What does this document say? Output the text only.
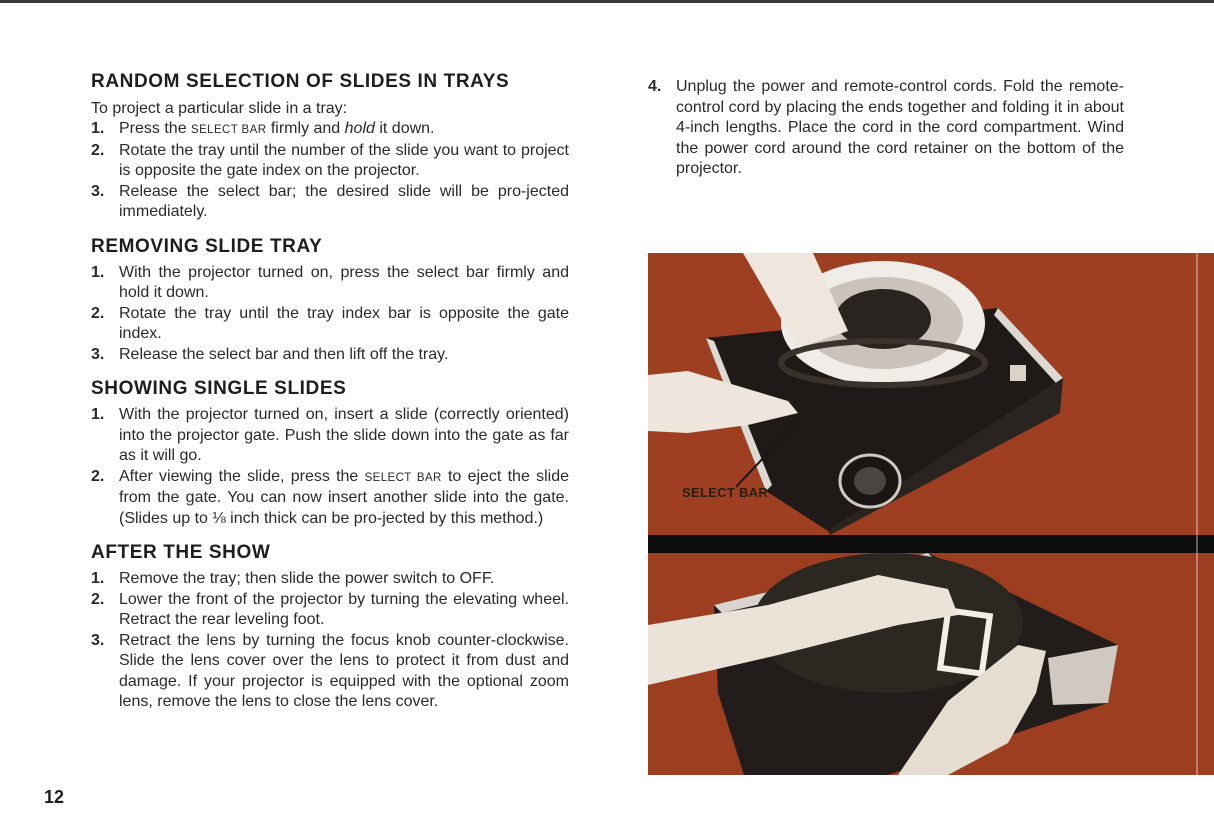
RANDOM SELECTION OF SLIDES IN TRAYS

To project a particular slide in a tray:

1. Press the SELECT BAR firmly and hold it down.
2. Rotate the tray until the number of the slide you want to project is opposite the gate index on the projector.
3. Release the select bar; the desired slide will be pro-jected immediately.
REMOVING SLIDE TRAY
1. With the projector turned on, press the select bar firmly and hold it down.
2. Rotate the tray until the tray index bar is opposite the gate index.
3. Release the select bar and then lift off the tray.
SHOWING SINGLE SLIDES
1. With the projector turned on, insert a slide (correctly oriented) into the projector gate. Push the slide down into the gate as far as it will go.
2. After viewing the slide, press the SELECT BAR to eject the slide from the gate. You can now insert another slide into the gate. (Slides up to ⅛ inch thick can be pro-jected by this method.)
AFTER THE SHOW
1. Remove the tray; then slide the power switch to OFF.
2. Lower the front of the projector by turning the elevating wheel. Retract the rear leveling foot.
3. Retract the lens by turning the focus knob counter-clockwise. Slide the lens cover over the lens to protect it from dust and damage. If your projector is equipped with the optional zoom lens, remove the lens to close the lens cover.
4. Unplug the power and remote-control cords. Fold the remote-control cord by placing the ends together and folding it in about 4-inch lengths. Place the cord in the cord compartment. Wind the power cord around the cord retainer on the bottom of the projector.
SELECT BAR
12
